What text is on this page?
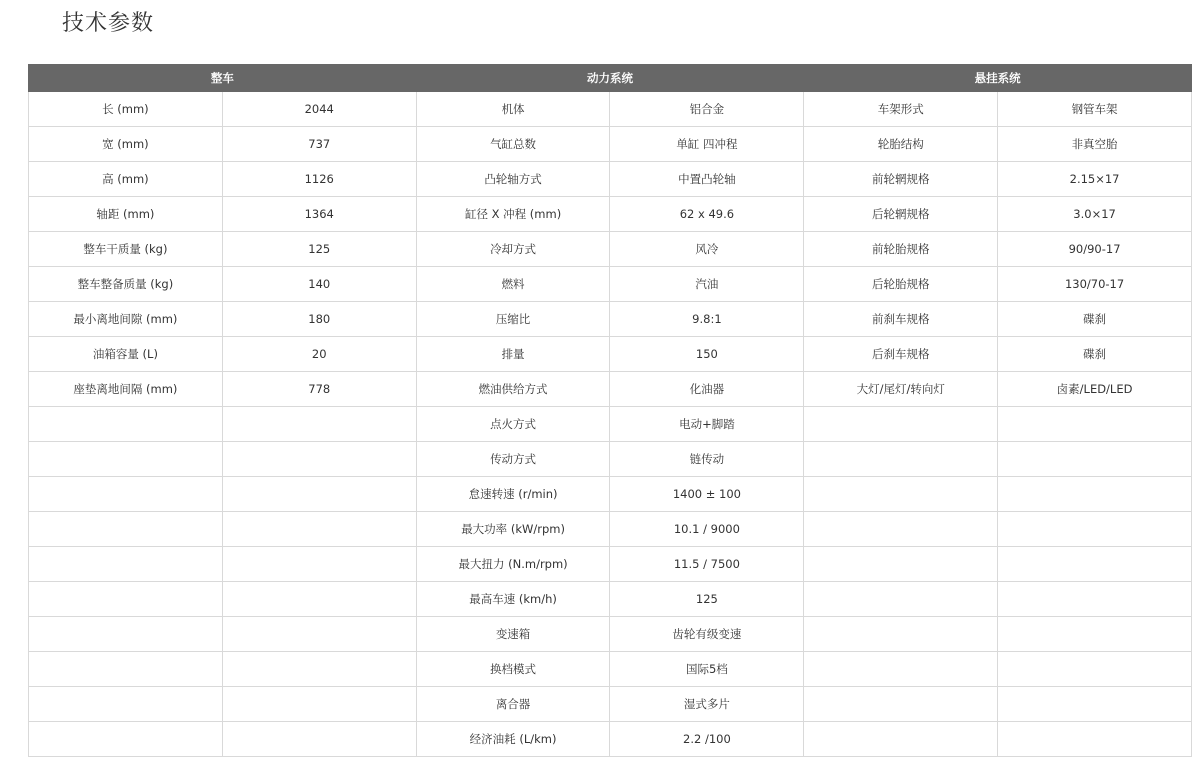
技术参数
整车		动力系统		悬挂系统	
长 (mm)	2044	机体	铝合金	车架形式	钢管车架
宽 (mm)	737	气缸总数	单缸 四冲程	轮胎结构	非真空胎
高 (mm)	1126	凸轮轴方式	中置凸轮轴	前轮辋规格	2.15×17
轴距 (mm)	1364	缸径 X 冲程 (mm)	62 x 49.6	后轮辋规格	3.0×17
整车干质量 (kg)	125	冷却方式	风冷	前轮胎规格	90/90-17
整车整备质量 (kg)	140	燃料	汽油	后轮胎规格	130/70-17
最小离地间隙 (mm)	180	压缩比	9.8:1	前刹车规格	碟刹
油箱容量 (L)	20	排量	150	后刹车规格	碟刹
座垫离地间隔 (mm)	778	燃油供给方式	化油器	大灯/尾灯/转向灯	卤素/LED/LED
		点火方式	电动+脚踏		
		传动方式	链传动		
		怠速转速 (r/min)	1400 ± 100		
		最大功率 (kW/rpm)	10.1 / 9000		
		最大扭力 (N.m/rpm)	11.5 / 7500		
		最高车速 (km/h)	125		
		变速箱	齿轮有级变速		
		换档模式	国际5档		
		离合器	湿式多片		
		经济油耗 (L/km)	2.2 /100		
